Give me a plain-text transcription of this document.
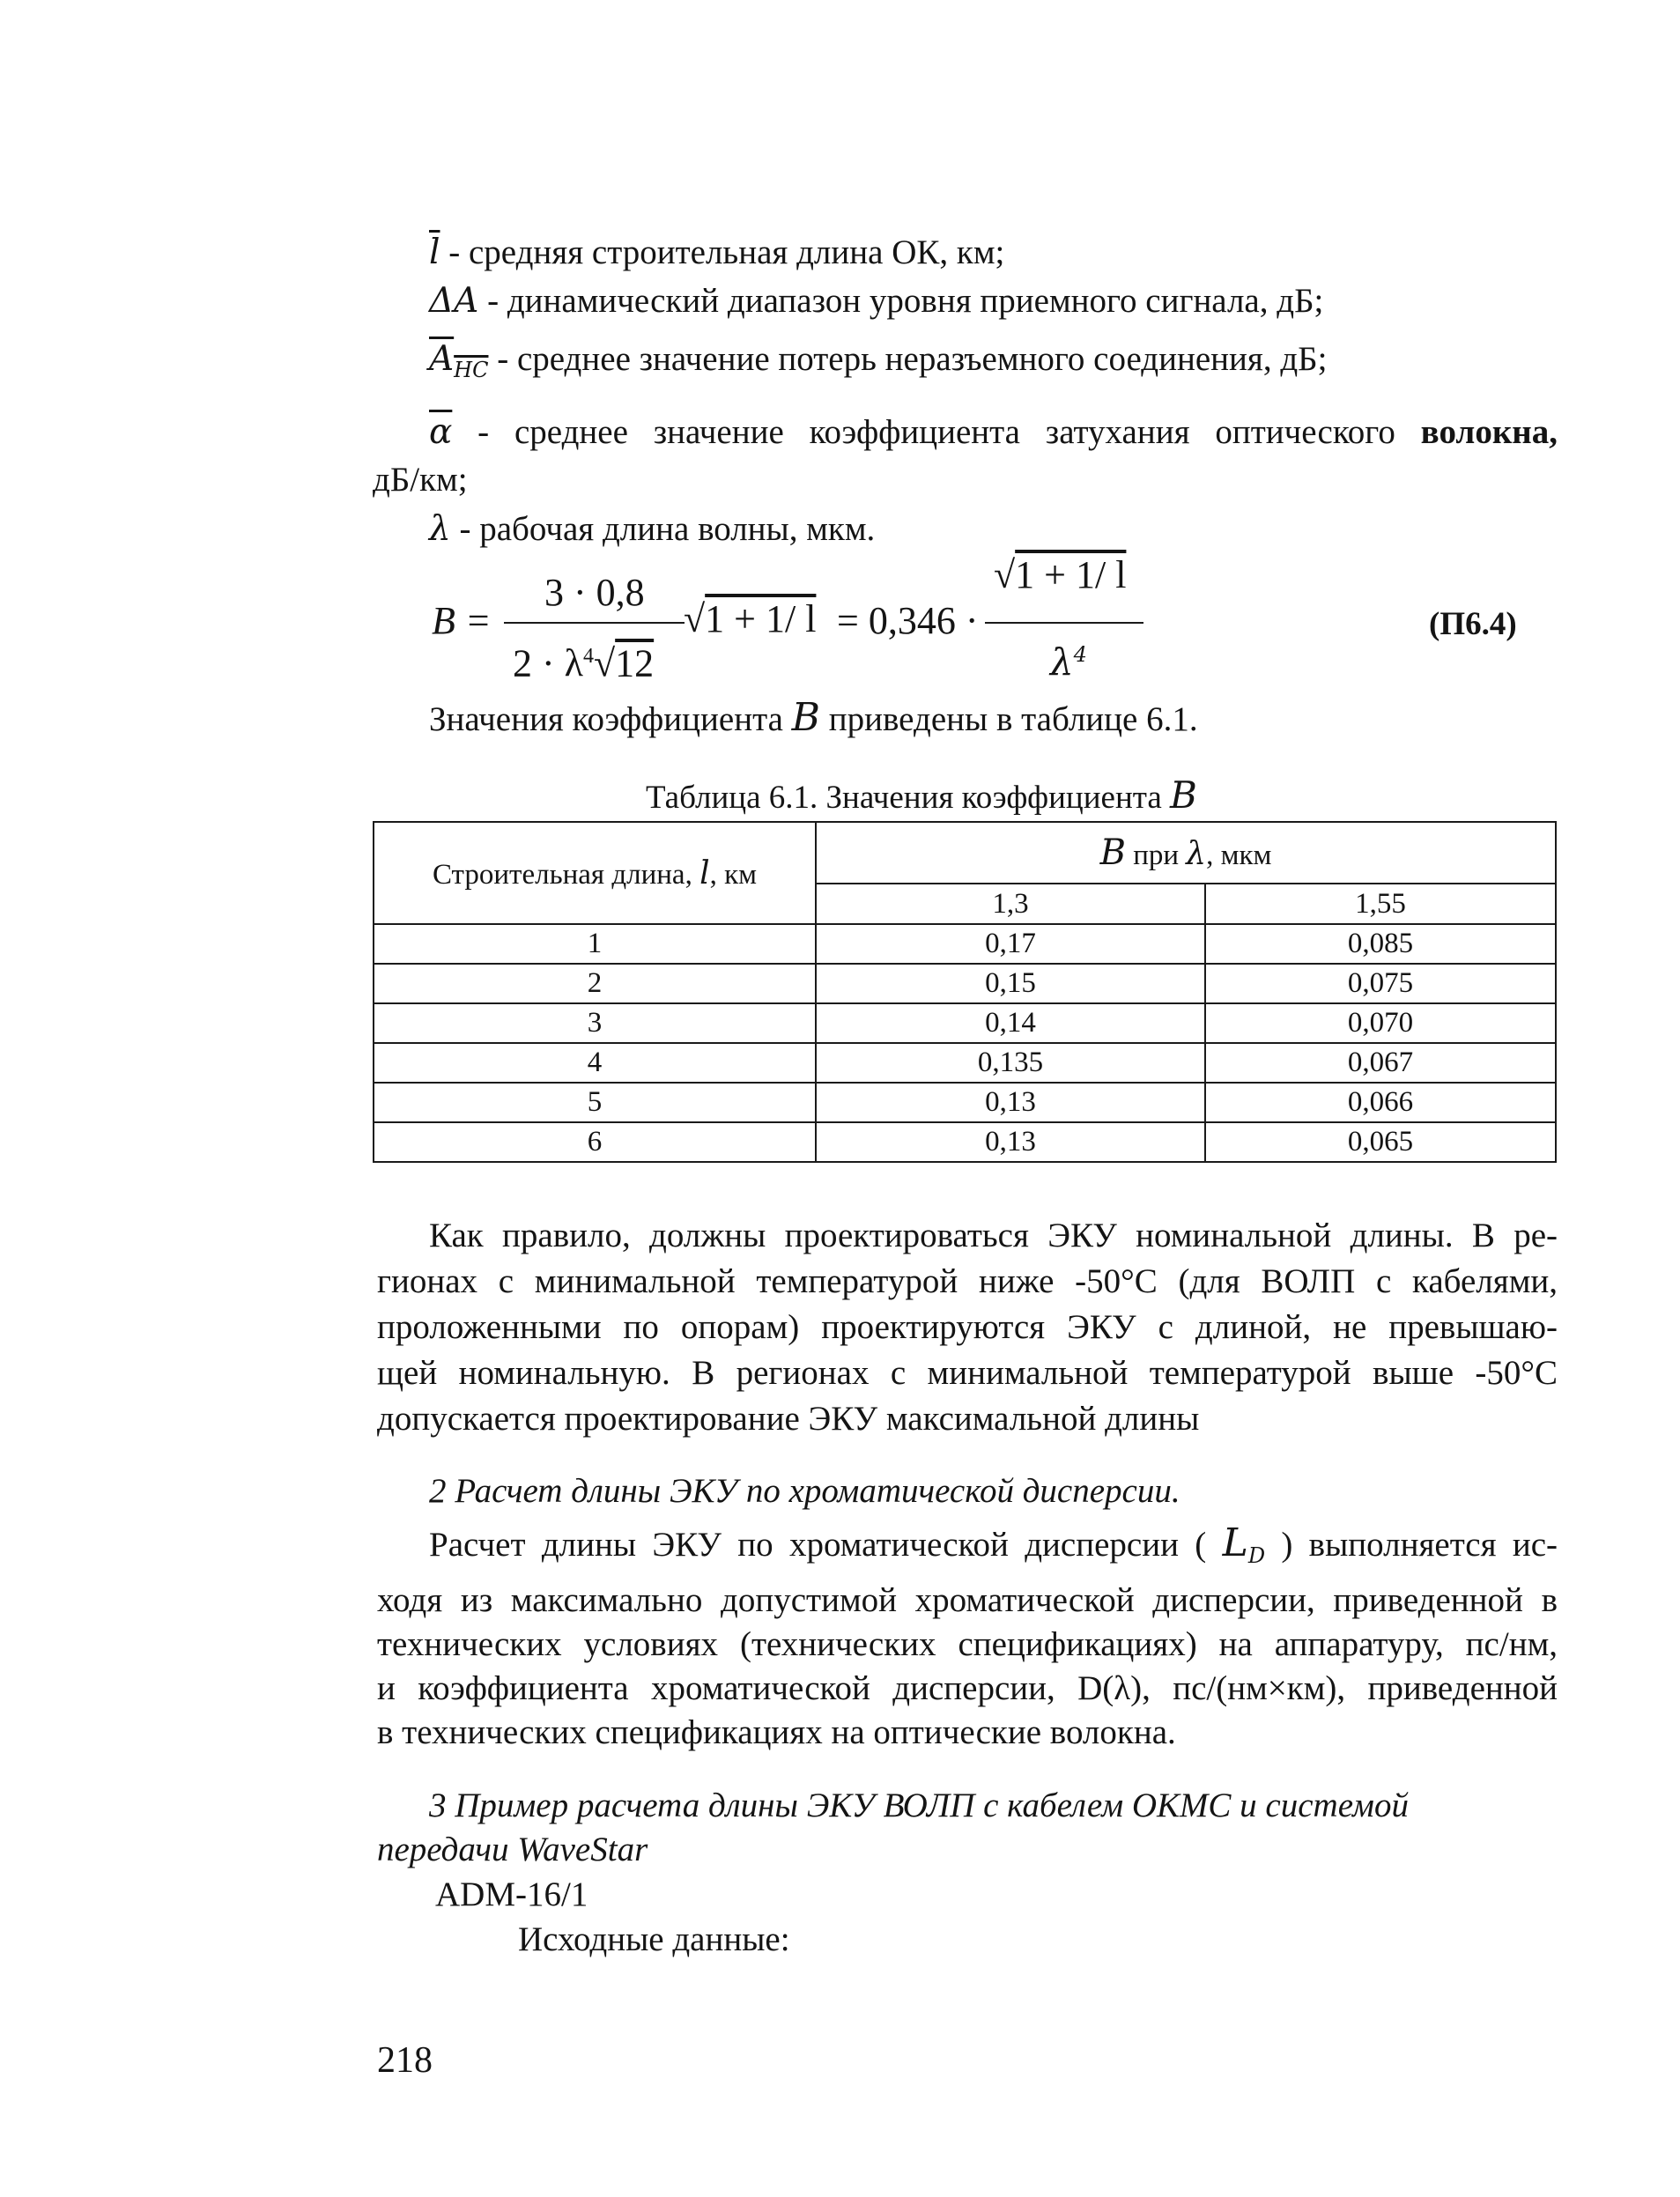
$\overline{l}$ - средняя строительная длина ОК, км;
ΔA - динамический диапазон уровня приемного сигнала, дБ;
$A_{HC}$ - среднее значение потерь неразъемного соединения, дБ;
$\overline{\alpha}$ - среднее значение коэффициента затухания оптического волокна,
дБ/км;
λ - рабочая длина волны, мкм.
B =
3 · 0,8
$2 \cdot \lambda^4√12$
√1 + 1/ l = 0,346 ·
√1 + 1/ l
$\lambda^4$
(П6.4)
Значения коэффициента B приведены в таблице 6.1.
Таблица 6.1. Значения коэффициента B
Строительная длина, l, км	B при λ, мкм	
	1,3	1,55
1	0,17	0,085
2	0,15	0,075
3	0,14	0,070
4	0,135	0,067
5	0,13	0,066
6	0,13	0,065
Как правило, должны проектироваться ЭКУ номинальной длины. В ре-
гионах с минимальной температурой ниже -50°С (для ВОЛП с кабелями,
проложенными по опорам) проектируются ЭКУ с длиной, не превышаю-
щей номинальную. В регионах с минимальной температурой выше -50°С
допускается проектирование ЭКУ максимальной длины
2 Расчет длины ЭКУ по хроматической дисперсии.
Расчет длины ЭКУ по хроматической дисперсии ( $L_D$ ) выполняется ис-
ходя из максимально допустимой хроматической дисперсии, приведенной в
технических условиях (технических спецификациях) на аппаратуру, пс/нм,
и коэффициента хроматической дисперсии, D(λ), пс/(нм×км), приведенной
в технических спецификациях на оптические волокна.
3 Пример расчета длины ЭКУ ВОЛП с кабелем ОКМС и системой
передачи WaveStar
ADM-16/1
Исходные данные:
218
